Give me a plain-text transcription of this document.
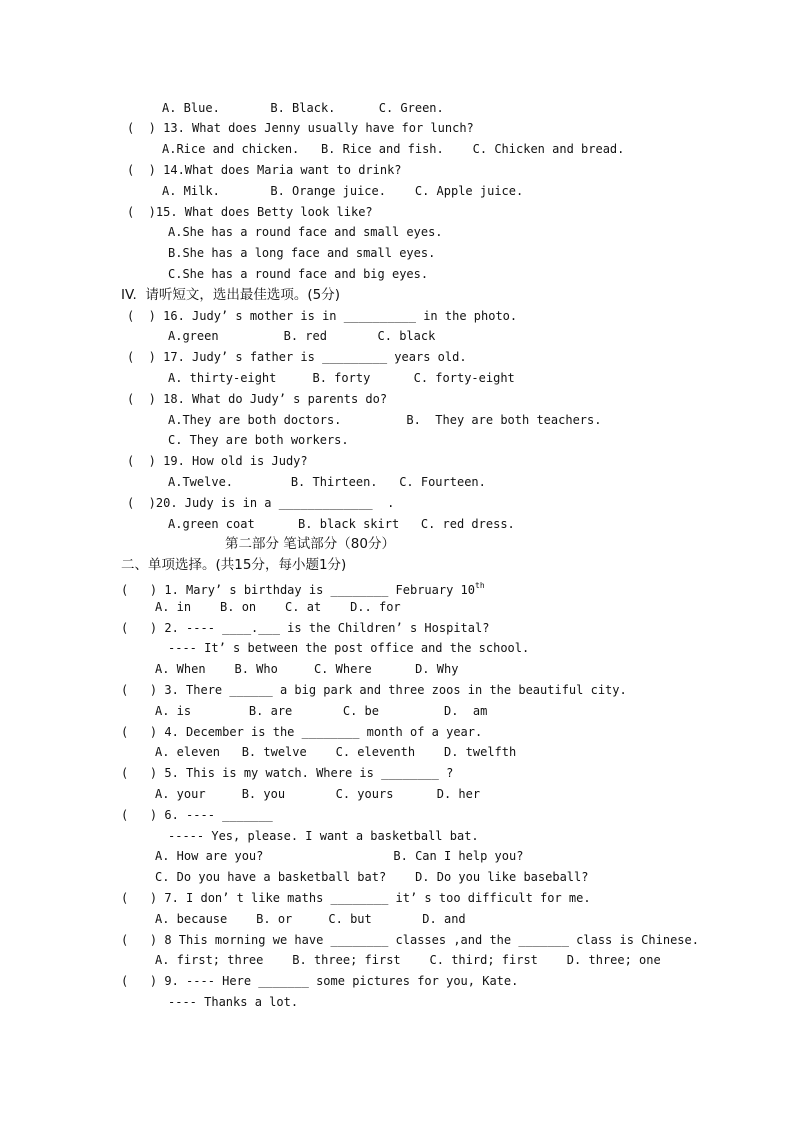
A. Blue.       B. Black.      C. Green.
(  ) 13. What does Jenny usually have for lunch?
A.Rice and chicken.   B. Rice and fish.    C. Chicken and bread.
(  ) 14.What does Maria want to drink?
A. Milk.       B. Orange juice.    C. Apple juice.
(  )15. What does Betty look like?
A.She has a round face and small eyes.
B.She has a long face and small eyes.
C.She has a round face and big eyes.
IV.  请听短文，选出最佳选项。(5分)
(  ) 16. Judy’ s mother is in __________ in the photo.
A.green         B. red       C. black
(  ) 17. Judy’ s father is _________ years old.
A. thirty-eight     B. forty      C. forty-eight
(  ) 18. What do Judy’ s parents do?
A.They are both doctors.         B.  They are both teachers.
C. They are both workers.
(  ) 19. How old is Judy?
A.Twelve.        B. Thirteen.   C. Fourteen.
(  )20. Judy is in a _____________  .
A.green coat      B. black skirt   C. red dress.
第二部分 笔试部分（80分）
二、单项选择。(共15分，每小题1分)
(   ) 1. Mary’ s birthday is ________ February 10th
A. in    B. on    C. at    D.. for
(   ) 2. ---- ____.___ is the Children’ s Hospital?
---- It’ s between the post office and the school.
A. When    B. Who     C. Where      D. Why
(   ) 3. There ______ a big park and three zoos in the beautiful city.
A. is        B. are       C. be         D.  am
(   ) 4. December is the ________ month of a year.
A. eleven   B. twelve    C. eleventh    D. twelfth
(   ) 5. This is my watch. Where is ________ ?
A. your     B. you       C. yours      D. her
(   ) 6. ---- _______
----- Yes, please. I want a basketball bat.
A. How are you?                  B. Can I help you?
C. Do you have a basketball bat?    D. Do you like baseball?
(   ) 7. I don’ t like maths ________ it’ s too difficult for me.
A. because    B. or     C. but       D. and
(   ) 8 This morning we have ________ classes ,and the _______ class is Chinese.
A. first; three    B. three; first    C. third; first    D. three; one
(   ) 9. ---- Here _______ some pictures for you, Kate.
---- Thanks a lot.
